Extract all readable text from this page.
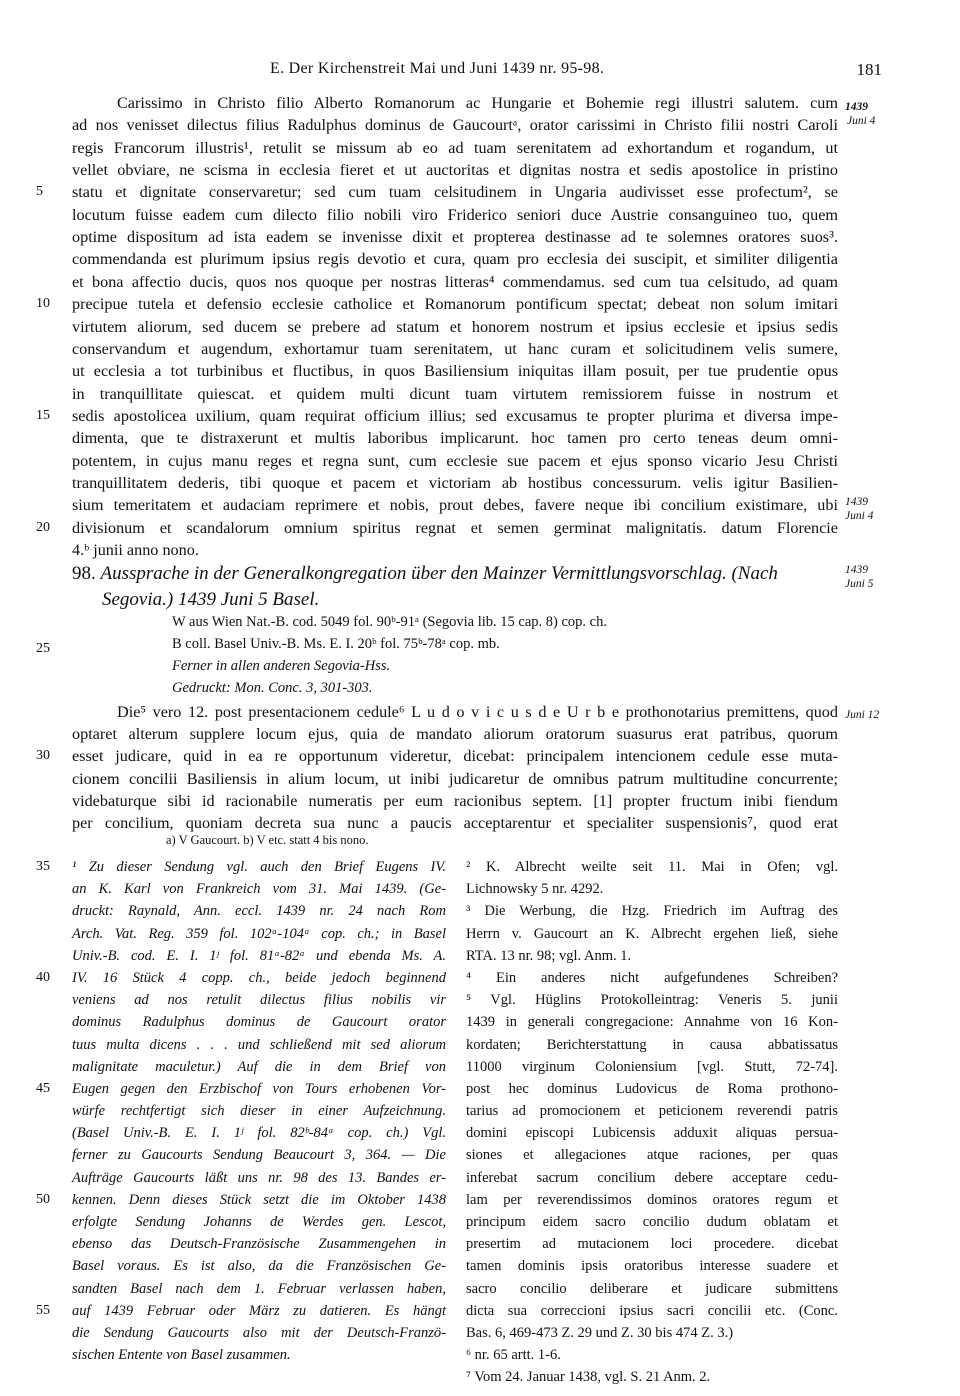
E. Der Kirchenstreit Mai und Juni 1439 nr. 95-98.	181
1439
Juni 4
Carissimo in Christo filio Alberto Romanorum ac Hungarie et Bohemie regi illustri salutem. cum
ad nos venisset dilectus filius Radulphus dominus de Gaucourtᵃ, orator carissimi in Christo filii nostri Caroli
regis Francorum illustris¹, retulit se missum ab eo ad tuam serenitatem ad exhortandum et rogandum, ut
vellet obviare, ne scisma in ecclesia fieret et ut auctoritas et dignitas nostra et sedis apostolice in pristino
statu et dignitate conservaretur; sed cum tuam celsitudinem in Ungaria audivisset esse profectum², se
locutum fuisse eadem cum dilecto filio nobili viro Friderico seniori duce Austrie consanguineo tuo, quem
optime dispositum ad ista eadem se invenisse dixit et propterea destinasse ad te solemnes oratores suos³.
commendanda est plurimum ipsius regis devotio et cura, quam pro ecclesia dei suscipit, et similiter diligentia
et bona affectio ducis, quos nos quoque per nostras litteras⁴ commendamus. sed cum tua celsitudo, ad quam
precipue tutela et defensio ecclesie catholice et Romanorum pontificum spectat; debeat non solum imitari
virtutem aliorum, sed ducem se prebere ad statum et honorem nostrum et ipsius ecclesie et ipsius sedis
conservandum et augendum, exhortamur tuam serenitatem, ut hanc curam et solicitudinem velis sumere,
ut ecclesia a tot turbinibus et fluctibus, in quos Basiliensium iniquitas illam posuit, per tue prudentie opus
in tranquillitate quiescat. et quidem multi dicunt tuam virtutem remissiorem fuisse in nostrum et
sedis apostolicea uxilium, quam requirat officium illius; sed excusamus te propter plurima et diversa impe-
dimenta, que te distraxerunt et multis laboribus implicarunt. hoc tamen pro certo teneas deum omni-
potentem, in cujus manu reges et regna sunt, cum ecclesie sue pacem et ejus sponso vicario Jesu Christi
tranquillitatem dederis, tibi quoque et pacem et victoriam ab hostibus concessurum. velis igitur Basilien-
sium temeritatem et audaciam reprimere et nobis, prout debes, favere neque ibi concilium existimare, ubi
divisionum et scandalorum omnium spiritus regnat et semen germinat malignitatis. datum Florencie
4.ᵇ junii anno nono.
5
10
15
20
1439
Juni 4
98. Aussprache in der Generalkongregation über den Mainzer Vermittlungsvorschlag. (Nach
Segovia.) 1439 Juni 5 Basel.
1439
Juni 5
W aus Wien Nat.-B. cod. 5049 fol. 90ᵇ-91ᵃ (Segovia lib. 15 cap. 8) cop. ch.
B coll. Basel Univ.-B. Ms. E. I. 20ᵇ fol. 75ᵇ-78ᵃ cop. mb.
Ferner in allen anderen Segovia-Hss.
Gedruckt: Mon. Conc. 3, 301-303.
25
Die⁵ vero 12. post presentacionem cedule⁶ L u d o v i c u s d e U r b e prothonotarius premittens, quod
optaret alterum supplere locum ejus, quia de mandato aliorum oratorum suasurus erat patribus, quorum
esset judicare, quid in ea re opportunum videretur, dicebat: principalem intencionem cedule esse muta-
cionem concilii Basiliensis in alium locum, ut inibi judicaretur de omnibus patrum multitudine concurrente;
videbaturque sibi id racionabile numeratis per eum racionibus septem. [1] propter fructum inibi fiendum
per concilium, quoniam decreta sua nunc a paucis acceptarentur et specialiter suspensionis⁷, quod erat
30
Juni 12
a) V Gaucourt. b) V etc. statt 4 bis nono.
¹ Zu dieser Sendung vgl. auch den Brief Eugens IV.
an K. Karl von Frankreich vom 31. Mai 1439. (Ge-
druckt: Raynald, Ann. eccl. 1439 nr. 24 nach Rom
Arch. Vat. Reg. 359 fol. 102ᵃ-104ᵃ cop. ch.; in Basel
Univ.-B. cod. E. I. 1ʲ fol. 81ᵃ-82ᵃ und ebenda Ms. A.
IV. 16 Stück 4 copp. ch., beide jedoch beginnend
veniens ad nos retulit dilectus filius nobilis vir
dominus Radulphus dominus de Gaucourt orator
tuus multa dicens . . . und schließend mit sed aliorum
malignitate maculetur.) Auf die in dem Brief von
Eugen gegen den Erzbischof von Tours erhobenen Vor-
würfe rechtfertigt sich dieser in einer Aufzeichnung.
(Basel Univ.-B. E. I. 1ʲ fol. 82ᵇ-84ᵃ cop. ch.) Vgl.
ferner zu Gaucourts Sendung Beaucourt 3, 364. — Die
Aufträge Gaucourts läßt uns nr. 98 des 13. Bandes er-
kennen. Denn dieses Stück setzt die im Oktober 1438
erfolgte Sendung Johanns de Werdes gen. Lescot,
ebenso das Deutsch-Französische Zusammengehen in
Basel voraus. Es ist also, da die Französischen Ge-
sandten Basel nach dem 1. Februar verlassen haben,
auf 1439 Februar oder März zu datieren. Es hängt
die Sendung Gaucourts also mit der Deutsch-Franzö-
sischen Entente von Basel zusammen.
² K. Albrecht weilte seit 11. Mai in Ofen; vgl.
Lichnowsky 5 nr. 4292.
³ Die Werbung, die Hzg. Friedrich im Auftrag des
Herrn v. Gaucourt an K. Albrecht ergehen ließ, siehe
RTA. 13 nr. 98; vgl. Anm. 1.
⁴ Ein anderes nicht aufgefundenes Schreiben?
⁵ Vgl. Hüglins Protokolleintrag: Veneris 5. junii
1439 in generali congregacione: Annahme von 16 Kon-
kordaten; Berichterstattung in causa abbatissatus
11000 virginum Coloniensium [vgl. Stutt, 72-74].
post hec dominus Ludovicus de Roma prothono-
tarius ad promocionem et peticionem reverendi patris
domini episcopi Lubicensis adduxit aliquas persua-
siones et allegaciones atque raciones, per quas
inferebat sacrum concilium debere acceptare cedu-
lam per reverendissimos dominos oratores regum et
principum eidem sacro concilio dudum oblatam et
presertim ad mutacionem loci procedere. dicebat
tamen dominis ipsis oratoribus interesse suadere et
sacro concilio deliberare et judicare submittens
dicta sua correccioni ipsius sacri concilii etc. (Conc.
Bas. 6, 469-473 Z. 29 und Z. 30 bis 474 Z. 3.)
⁶ nr. 65 artt. 1-6.
⁷ Vom 24. Januar 1438, vgl. S. 21 Anm. 2.
35
40
45
50
55
